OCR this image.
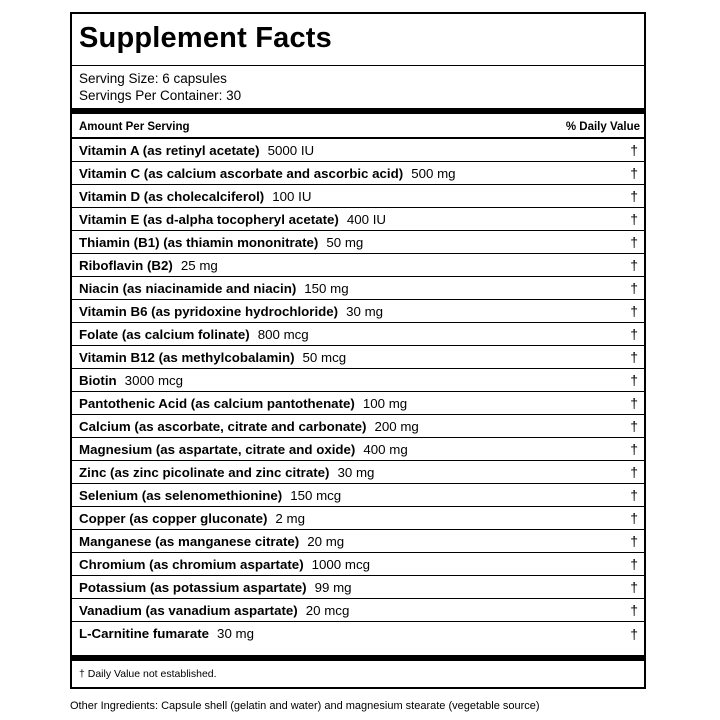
Supplement Facts
Serving Size: 6 capsules
Servings Per Container: 30
Amount Per Serving	% Daily Value
Vitamin A (as retinyl acetate) 5000 IU	†
Vitamin C (as calcium ascorbate and ascorbic acid) 500 mg	†
Vitamin D (as cholecalciferol) 100 IU	†
Vitamin E (as d-alpha tocopheryl acetate) 400 IU	†
Thiamin (B1) (as thiamin mononitrate) 50 mg	†
Riboflavin (B2) 25 mg	†
Niacin (as niacinamide and niacin) 150 mg	†
Vitamin B6 (as pyridoxine hydrochloride) 30 mg	†
Folate (as calcium folinate) 800 mcg	†
Vitamin B12 (as methylcobalamin) 50 mcg	†
Biotin 3000 mcg	†
Pantothenic Acid (as calcium pantothenate) 100 mg	†
Calcium (as ascorbate, citrate and carbonate) 200 mg	†
Magnesium (as aspartate, citrate and oxide) 400 mg	†
Zinc (as zinc picolinate and zinc citrate) 30 mg	†
Selenium (as selenomethionine) 150 mcg	†
Copper (as copper gluconate) 2 mg	†
Manganese (as manganese citrate) 20 mg	†
Chromium (as chromium aspartate) 1000 mcg	†
Potassium (as potassium aspartate) 99 mg	†
Vanadium (as vanadium aspartate) 20 mcg	†
L-Carnitine fumarate 30 mg	†
† Daily Value not established.
Other Ingredients: Capsule shell (gelatin and water) and magnesium stearate (vegetable source)
